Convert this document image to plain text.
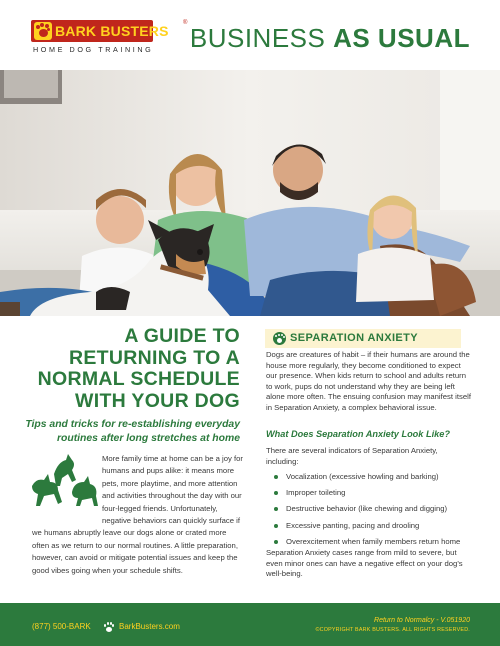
BARK BUSTERS ®
HOME DOG TRAINING BUSINESS AS USUAL
A GUIDE TO RETURNING TO A NORMAL SCHEDULE WITH YOUR DOG
Tips and tricks for re-establishing everyday routines after long stretches at home
More family time at home can be a joy for humans and pups alike: it means more pets, more playtime, and more attention and activities throughout the day with our four-legged friends. Unfortunately, negative behaviors can quickly surface if we humans abruptly leave our dogs alone or crated more often as we return to our normal routines. A little preparation, however, can avoid or mitigate potential issues and keep the good vibes going when your schedule shifts.
SEPARATION ANXIETY

Dogs are creatures of habit – if their humans are around the house more regularly, they become conditioned to expect our presence. When kids return to school and adults return to work, pups do not understand why they are being left alone more often. The ensuing confusion may manifest itself in Separation Anxiety, a complex behavioral issue.

What Does Separation Anxiety Look Like?

There are several indicators of Separation Anxiety, including:

Vocalization (excessive howling and barking)
Improper toileting
Destructive behavior (like chewing and digging)
Excessive panting, pacing and drooling
Overexcitement when family members return home

Separation Anxiety cases range from mild to severe, but even minor ones can have a negative effect on your dog's well-being.

(877) 500-BARK	BarkBusters.com
Return to Normalcy - V.051920
©COPYRIGHT BARK BUSTERS. ALL RIGHTS RESERVED.
